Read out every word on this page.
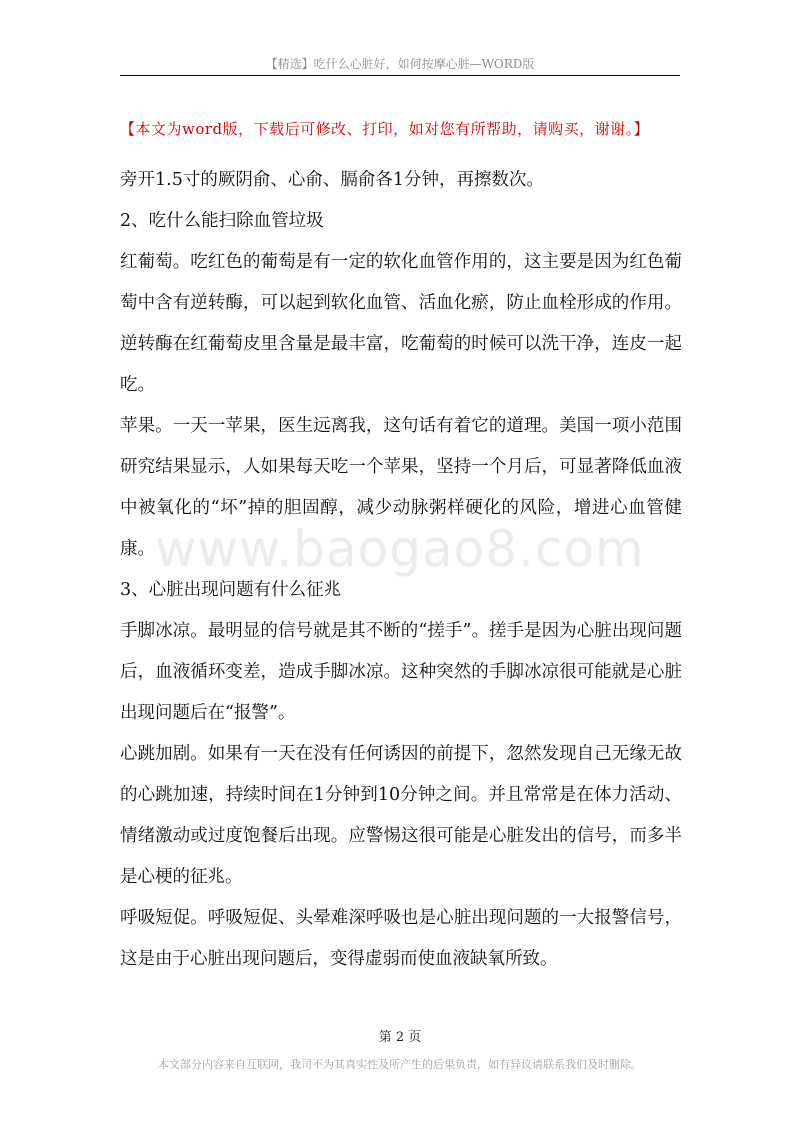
【精选】吃什么心脏好，如何按摩心脏—WORD版
【本文为word版，下载后可修改、打印，如对您有所帮助，请购买，谢谢。】
www.baogao8.com

旁开1.5寸的厥阴俞、心俞、膈俞各1分钟，再擦数次。

2、吃什么能扫除血管垃圾

红葡萄。吃红色的葡萄是有一定的软化血管作用的，这主要是因为红色葡萄中含有逆转酶，可以起到软化血管、活血化瘀，防止血栓形成的作用。逆转酶在红葡萄皮里含量是最丰富，吃葡萄的时候可以洗干净，连皮一起吃。

苹果。一天一苹果，医生远离我，这句话有着它的道理。美国一项小范围研究结果显示，人如果每天吃一个苹果，坚持一个月后，可显著降低血液中被氧化的“坏”掉的胆固醇，减少动脉粥样硬化的风险，增进心血管健康。

3、心脏出现问题有什么征兆

手脚冰凉。最明显的信号就是其不断的“搓手”。搓手是因为心脏出现问题后，血液循环变差，造成手脚冰凉。这种突然的手脚冰凉很可能就是心脏出现问题后在“报警”。

心跳加剧。如果有一天在没有任何诱因的前提下，忽然发现自己无缘无故的心跳加速，持续时间在1分钟到10分钟之间。并且常常是在体力活动、情绪激动或过度饱餐后出现。应警惕这很可能是心脏发出的信号，而多半是心梗的征兆。

呼吸短促。呼吸短促、头晕难深呼吸也是心脏出现问题的一大报警信号，这是由于心脏出现问题后，变得虚弱而使血液缺氧所致。

第 2 页
本文部分内容来自互联网，我司不为其真实性及所产生的后果负责，如有异议请联系我们及时删除。
